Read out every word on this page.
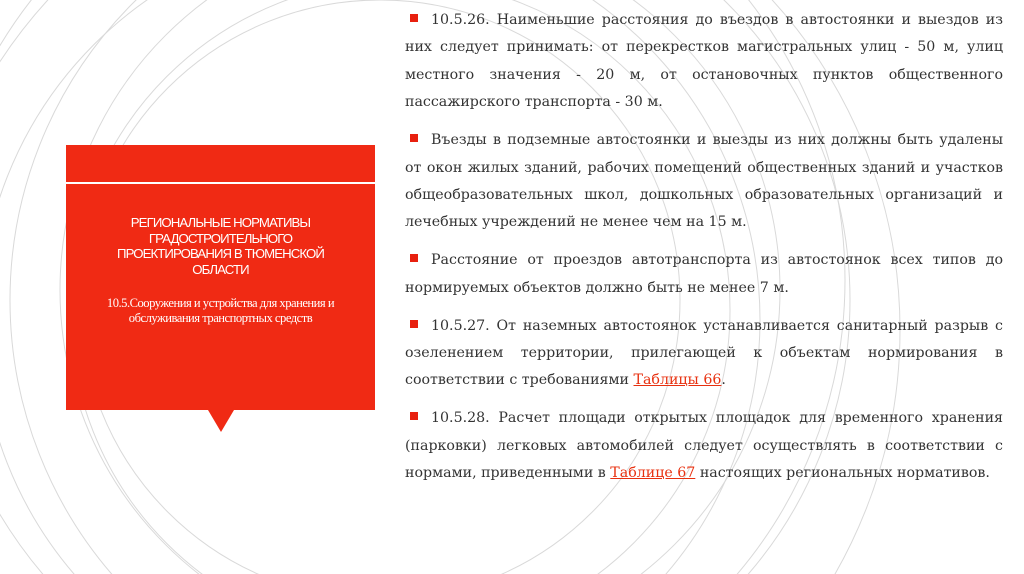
РЕГИОНАЛЬНЫЕ НОРМАТИВЫ ГРАДОСТРОИТЕЛЬНОГО ПРОЕКТИРОВАНИЯ В ТЮМЕНСКОЙ ОБЛАСТИ
10.5.Сооружения и устройства для хранения и обслуживания транспортных средств

10.5.26. Наименьшие расстояния до въездов в автостоянки и выездов из них следует принимать: от перекрестков магистральных улиц - 50 м, улиц местного значения - 20 м, от остановочных пунктов общественного пассажирского транспорта - 30 м.

Въезды в подземные автостоянки и выезды из них должны быть удалены от окон жилых зданий, рабочих помещений общественных зданий и участков общеобразовательных школ, дошкольных образовательных организаций и лечебных учреждений не менее чем на 15 м.

Расстояние от проездов автотранспорта из автостоянок всех типов до нормируемых объектов должно быть не менее 7 м.

10.5.27. От наземных автостоянок устанавливается санитарный разрыв с озеленением территории, прилегающей к объектам нормирования в соответствии с требованиями Таблицы 66.

10.5.28. Расчет площади открытых площадок для временного хранения (парковки) легковых автомобилей следует осуществлять в соответствии с нормами, приведенными в Таблице 67 настоящих региональных нормативов.
